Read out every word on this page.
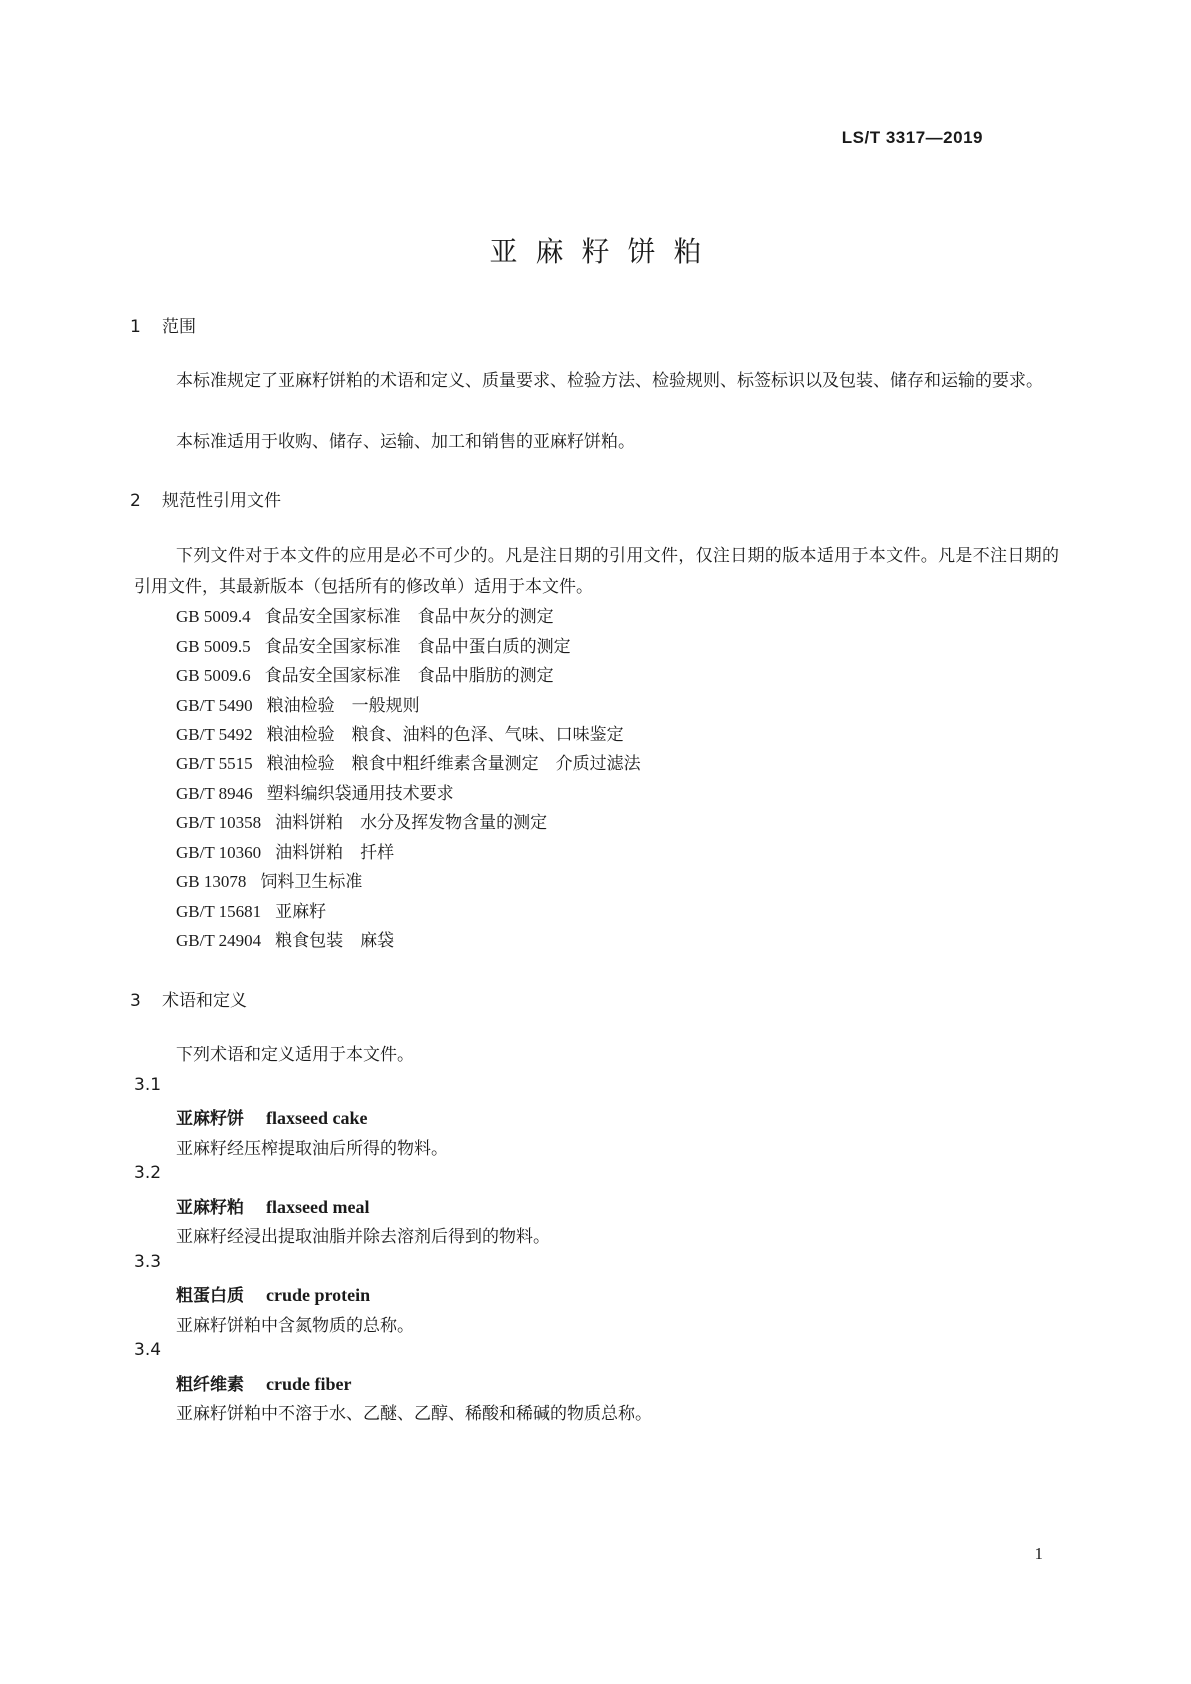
LS/T 3317—2019
亚麻籽饼粕
1 范围
本标准规定了亚麻籽饼粕的术语和定义、质量要求、检验方法、检验规则、标签标识以及包装、储存和运输的要求。
本标准适用于收购、储存、运输、加工和销售的亚麻籽饼粕。
2 规范性引用文件
下列文件对于本文件的应用是必不可少的。凡是注日期的引用文件，仅注日期的版本适用于本文件。凡是不注日期的引用文件，其最新版本（包括所有的修改单）适用于本文件。
GB 5009.4 食品安全国家标准　食品中灰分的测定
GB 5009.5 食品安全国家标准　食品中蛋白质的测定
GB 5009.6 食品安全国家标准　食品中脂肪的测定
GB/T 5490 粮油检验　一般规则
GB/T 5492 粮油检验　粮食、油料的色泽、气味、口味鉴定
GB/T 5515 粮油检验　粮食中粗纤维素含量测定　介质过滤法
GB/T 8946 塑料编织袋通用技术要求
GB/T 10358 油料饼粕　水分及挥发物含量的测定
GB/T 10360 油料饼粕　扦样
GB 13078 饲料卫生标准
GB/T 15681 亚麻籽
GB/T 24904 粮食包装　麻袋
3 术语和定义
下列术语和定义适用于本文件。
3.1
亚麻籽饼 flaxseed cake
亚麻籽经压榨提取油后所得的物料。
3.2
亚麻籽粕 flaxseed meal
亚麻籽经浸出提取油脂并除去溶剂后得到的物料。
3.3
粗蛋白质 crude protein
亚麻籽饼粕中含氮物质的总称。
3.4
粗纤维素 crude fiber
亚麻籽饼粕中不溶于水、乙醚、乙醇、稀酸和稀碱的物质总称。
1
